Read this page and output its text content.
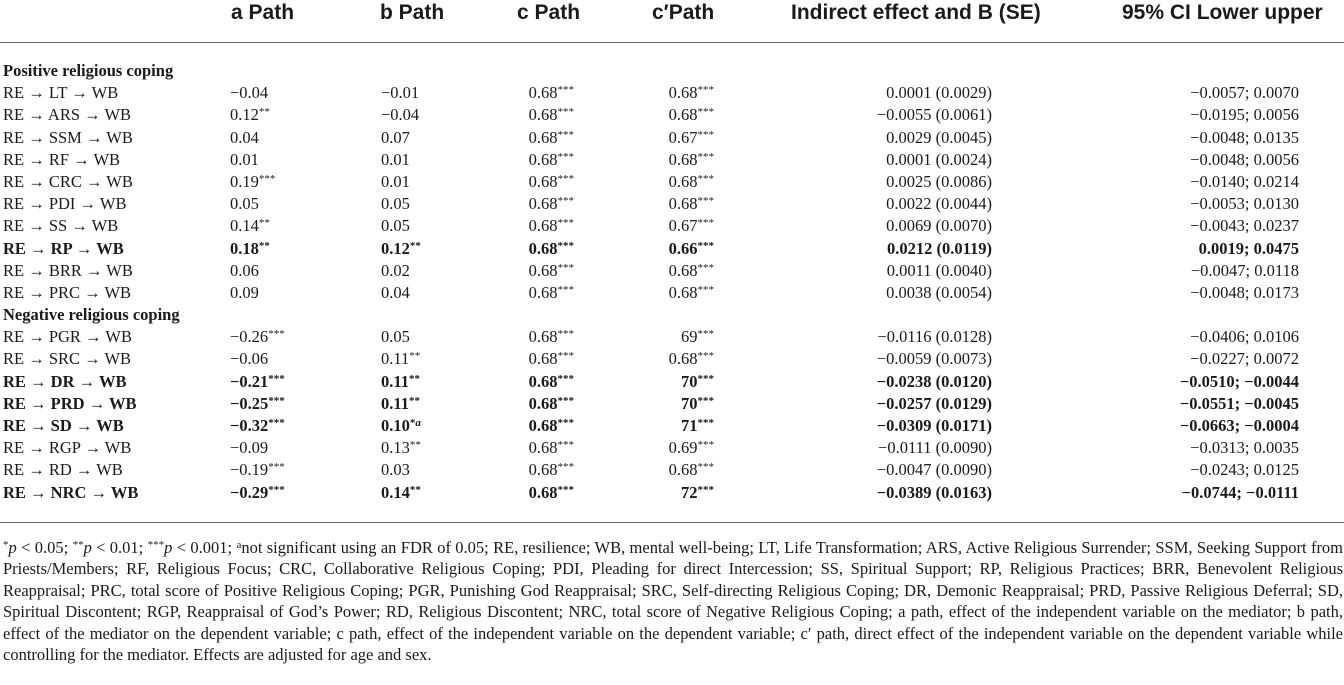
a Path	b Path	c Path	c′Path	Indirect effect and B (SE)	95% CI Lower upper
Positive religious coping
RE → LT → WB	−0.04	−0.01	0.68***	0.68***	0.0001 (0.0029)	−0.0057; 0.0070
RE → ARS → WB	0.12**	−0.04	0.68***	0.68***	−0.0055 (0.0061)	−0.0195; 0.0056
RE → SSM → WB	0.04	0.07	0.68***	0.67***	0.0029 (0.0045)	−0.0048; 0.0135
RE → RF → WB	0.01	0.01	0.68***	0.68***	0.0001 (0.0024)	−0.0048; 0.0056
RE → CRC → WB	0.19***	0.01	0.68***	0.68***	0.0025 (0.0086)	−0.0140; 0.0214
RE → PDI → WB	0.05	0.05	0.68***	0.68***	0.0022 (0.0044)	−0.0053; 0.0130
RE → SS → WB	0.14**	0.05	0.68***	0.67***	0.0069 (0.0070)	−0.0043; 0.0237
RE → RP → WB	0.18**	0.12**	0.68***	0.66***	0.0212 (0.0119)	0.0019; 0.0475
RE → BRR → WB	0.06	0.02	0.68***	0.68***	0.0011 (0.0040)	−0.0047; 0.0118
RE → PRC → WB	0.09	0.04	0.68***	0.68***	0.0038 (0.0054)	−0.0048; 0.0173
Negative religious coping
RE → PGR → WB	−0.26***	0.05	0.68***	69***	−0.0116 (0.0128)	−0.0406; 0.0106
RE → SRC → WB	−0.06	0.11**	0.68***	0.68***	−0.0059 (0.0073)	−0.0227; 0.0072
RE → DR → WB	−0.21***	0.11**	0.68***	70***	−0.0238 (0.0120)	−0.0510; −0.0044
RE → PRD → WB	−0.25***	0.11**	0.68***	70***	−0.0257 (0.0129)	−0.0551; −0.0045
RE → SD → WB	−0.32***	0.10$^{*a}$	0.68***	71***	−0.0309 (0.0171)	−0.0663; −0.0004
RE → RGP → WB	−0.09	0.13**	0.68***	0.69***	−0.0111 (0.0090)	−0.0313; 0.0035
RE → RD → WB	−0.19***	0.03	0.68***	0.68***	−0.0047 (0.0090)	−0.0243; 0.0125
RE → NRC → WB	−0.29***	0.14**	0.68***	72***	−0.0389 (0.0163)	−0.0744; −0.0111
*p < 0.05; **p < 0.01; ***p < 0.001; $^a$not significant using an FDR of 0.05; RE, resilience; WB, mental well-being; LT, Life Transformation; ARS, Active Religious Surrender; SSM, Seeking Support from Priests/Members; RF, Religious Focus; CRC, Collaborative Religious Coping; PDI, Pleading for direct Intercession; SS, Spiritual Support; RP, Religious Practices; BRR, Benevolent Religious Reappraisal; PRC, total score of Positive Religious Coping; PGR, Punishing God Reappraisal; SRC, Self-directing Religious Coping; DR, Demonic Reappraisal; PRD, Passive Religious Deferral; SD, Spiritual Discontent; RGP, Reappraisal of God’s Power; RD, Religious Discontent; NRC, total score of Negative Religious Coping; a path, effect of the independent variable on the mediator; b path, effect of the mediator on the dependent variable; c path, effect of the independent variable on the dependent variable; c′ path, direct effect of the independent variable on the dependent variable while controlling for the mediator. Effects are adjusted for age and sex.
